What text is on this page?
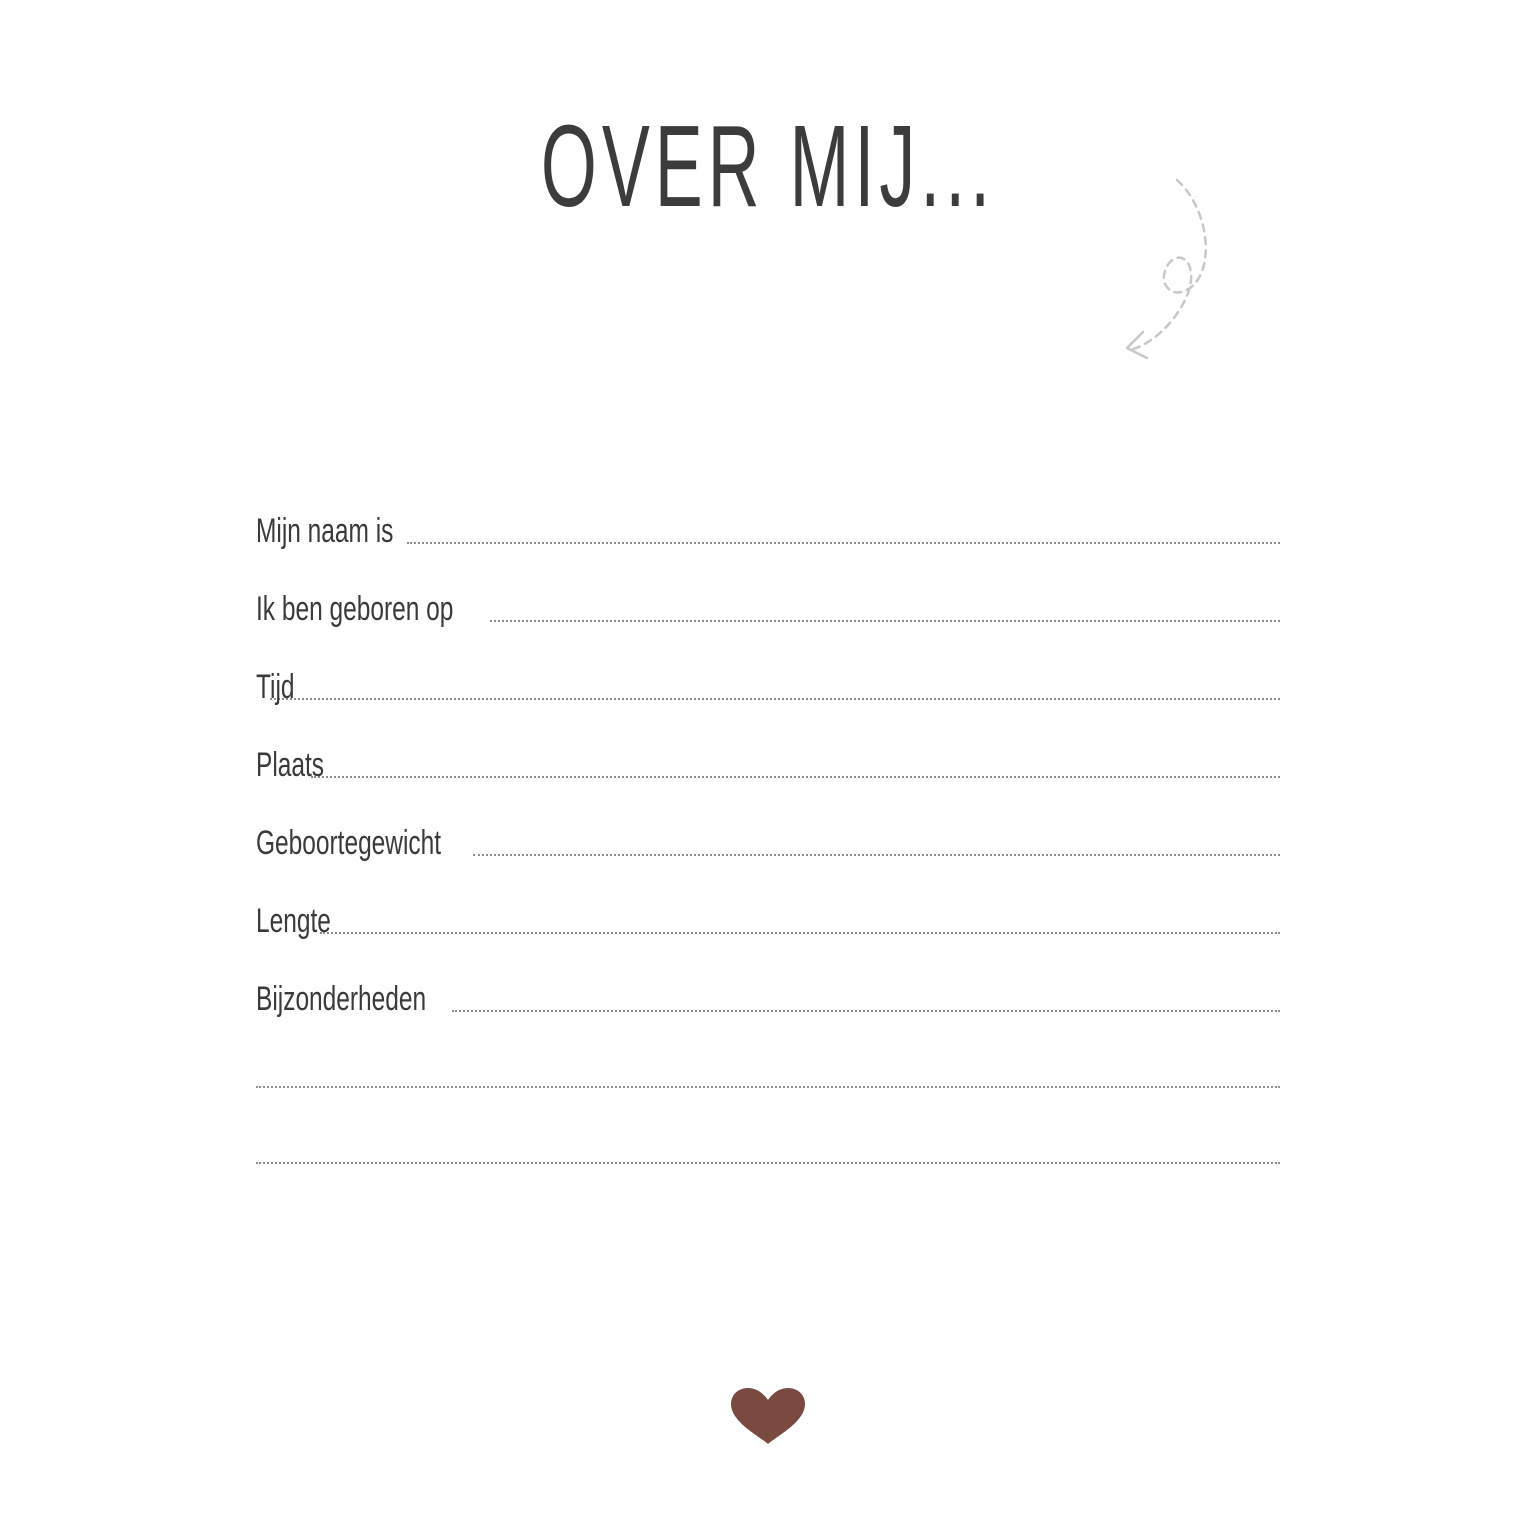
OVER MIJ...
Mijn naam is
Ik ben geboren op
Tijd
Plaats
Geboortegewicht
Lengte
Bijzonderheden
